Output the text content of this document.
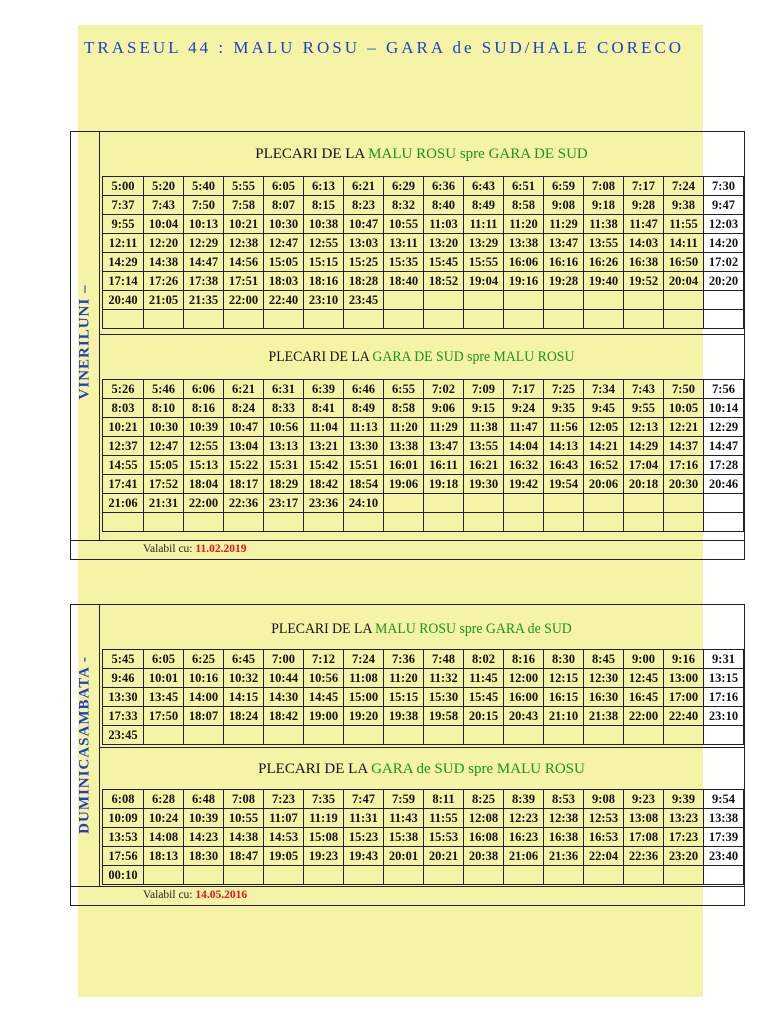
TRASEUL 44 : MALU ROSU – GARA de SUD/HALE CORECO
VINERILUNI –
PLECARI DE LA MALU ROSU spre GARA DE SUD
PLECARI DE LA GARA DE SUD spre MALU ROSU
Valabil cu: 11.02.2019
DUMINICASAMBATA -
PLECARI DE LA MALU ROSU spre GARA de SUD
PLECARI DE LA GARA de SUD spre MALU ROSU
Valabil cu: 14.05.2016
5:00	5:20	5:40	5:55	6:05	6:13	6:21	6:29	6:36	6:43	6:51	6:59	7:08	7:17	7:24	7:30
7:37	7:43	7:50	7:58	8:07	8:15	8:23	8:32	8:40	8:49	8:58	9:08	9:18	9:28	9:38	9:47
9:55	10:04	10:13	10:21	10:30	10:38	10:47	10:55	11:03	11:11	11:20	11:29	11:38	11:47	11:55	12:03
12:11	12:20	12:29	12:38	12:47	12:55	13:03	13:11	13:20	13:29	13:38	13:47	13:55	14:03	14:11	14:20
14:29	14:38	14:47	14:56	15:05	15:15	15:25	15:35	15:45	15:55	16:06	16:16	16:26	16:38	16:50	17:02
17:14	17:26	17:38	17:51	18:03	18:16	18:28	18:40	18:52	19:04	19:16	19:28	19:40	19:52	20:04	20:20
20:40	21:05	21:35	22:00	22:40	23:10	23:45									

5:26	5:46	6:06	6:21	6:31	6:39	6:46	6:55	7:02	7:09	7:17	7:25	7:34	7:43	7:50	7:56
8:03	8:10	8:16	8:24	8:33	8:41	8:49	8:58	9:06	9:15	9:24	9:35	9:45	9:55	10:05	10:14
10:21	10:30	10:39	10:47	10:56	11:04	11:13	11:20	11:29	11:38	11:47	11:56	12:05	12:13	12:21	12:29
12:37	12:47	12:55	13:04	13:13	13:21	13:30	13:38	13:47	13:55	14:04	14:13	14:21	14:29	14:37	14:47
14:55	15:05	15:13	15:22	15:31	15:42	15:51	16:01	16:11	16:21	16:32	16:43	16:52	17:04	17:16	17:28
17:41	17:52	18:04	18:17	18:29	18:42	18:54	19:06	19:18	19:30	19:42	19:54	20:06	20:18	20:30	20:46
21:06	21:31	22:00	22:36	23:17	23:36	24:10									

5:45	6:05	6:25	6:45	7:00	7:12	7:24	7:36	7:48	8:02	8:16	8:30	8:45	9:00	9:16	9:31
9:46	10:01	10:16	10:32	10:44	10:56	11:08	11:20	11:32	11:45	12:00	12:15	12:30	12:45	13:00	13:15
13:30	13:45	14:00	14:15	14:30	14:45	15:00	15:15	15:30	15:45	16:00	16:15	16:30	16:45	17:00	17:16
17:33	17:50	18:07	18:24	18:42	19:00	19:20	19:38	19:58	20:15	20:43	21:10	21:38	22:00	22:40	23:10
23:45															
6:08	6:28	6:48	7:08	7:23	7:35	7:47	7:59	8:11	8:25	8:39	8:53	9:08	9:23	9:39	9:54
10:09	10:24	10:39	10:55	11:07	11:19	11:31	11:43	11:55	12:08	12:23	12:38	12:53	13:08	13:23	13:38
13:53	14:08	14:23	14:38	14:53	15:08	15:23	15:38	15:53	16:08	16:23	16:38	16:53	17:08	17:23	17:39
17:56	18:13	18:30	18:47	19:05	19:23	19:43	20:01	20:21	20:38	21:06	21:36	22:04	22:36	23:20	23:40
00:10															
